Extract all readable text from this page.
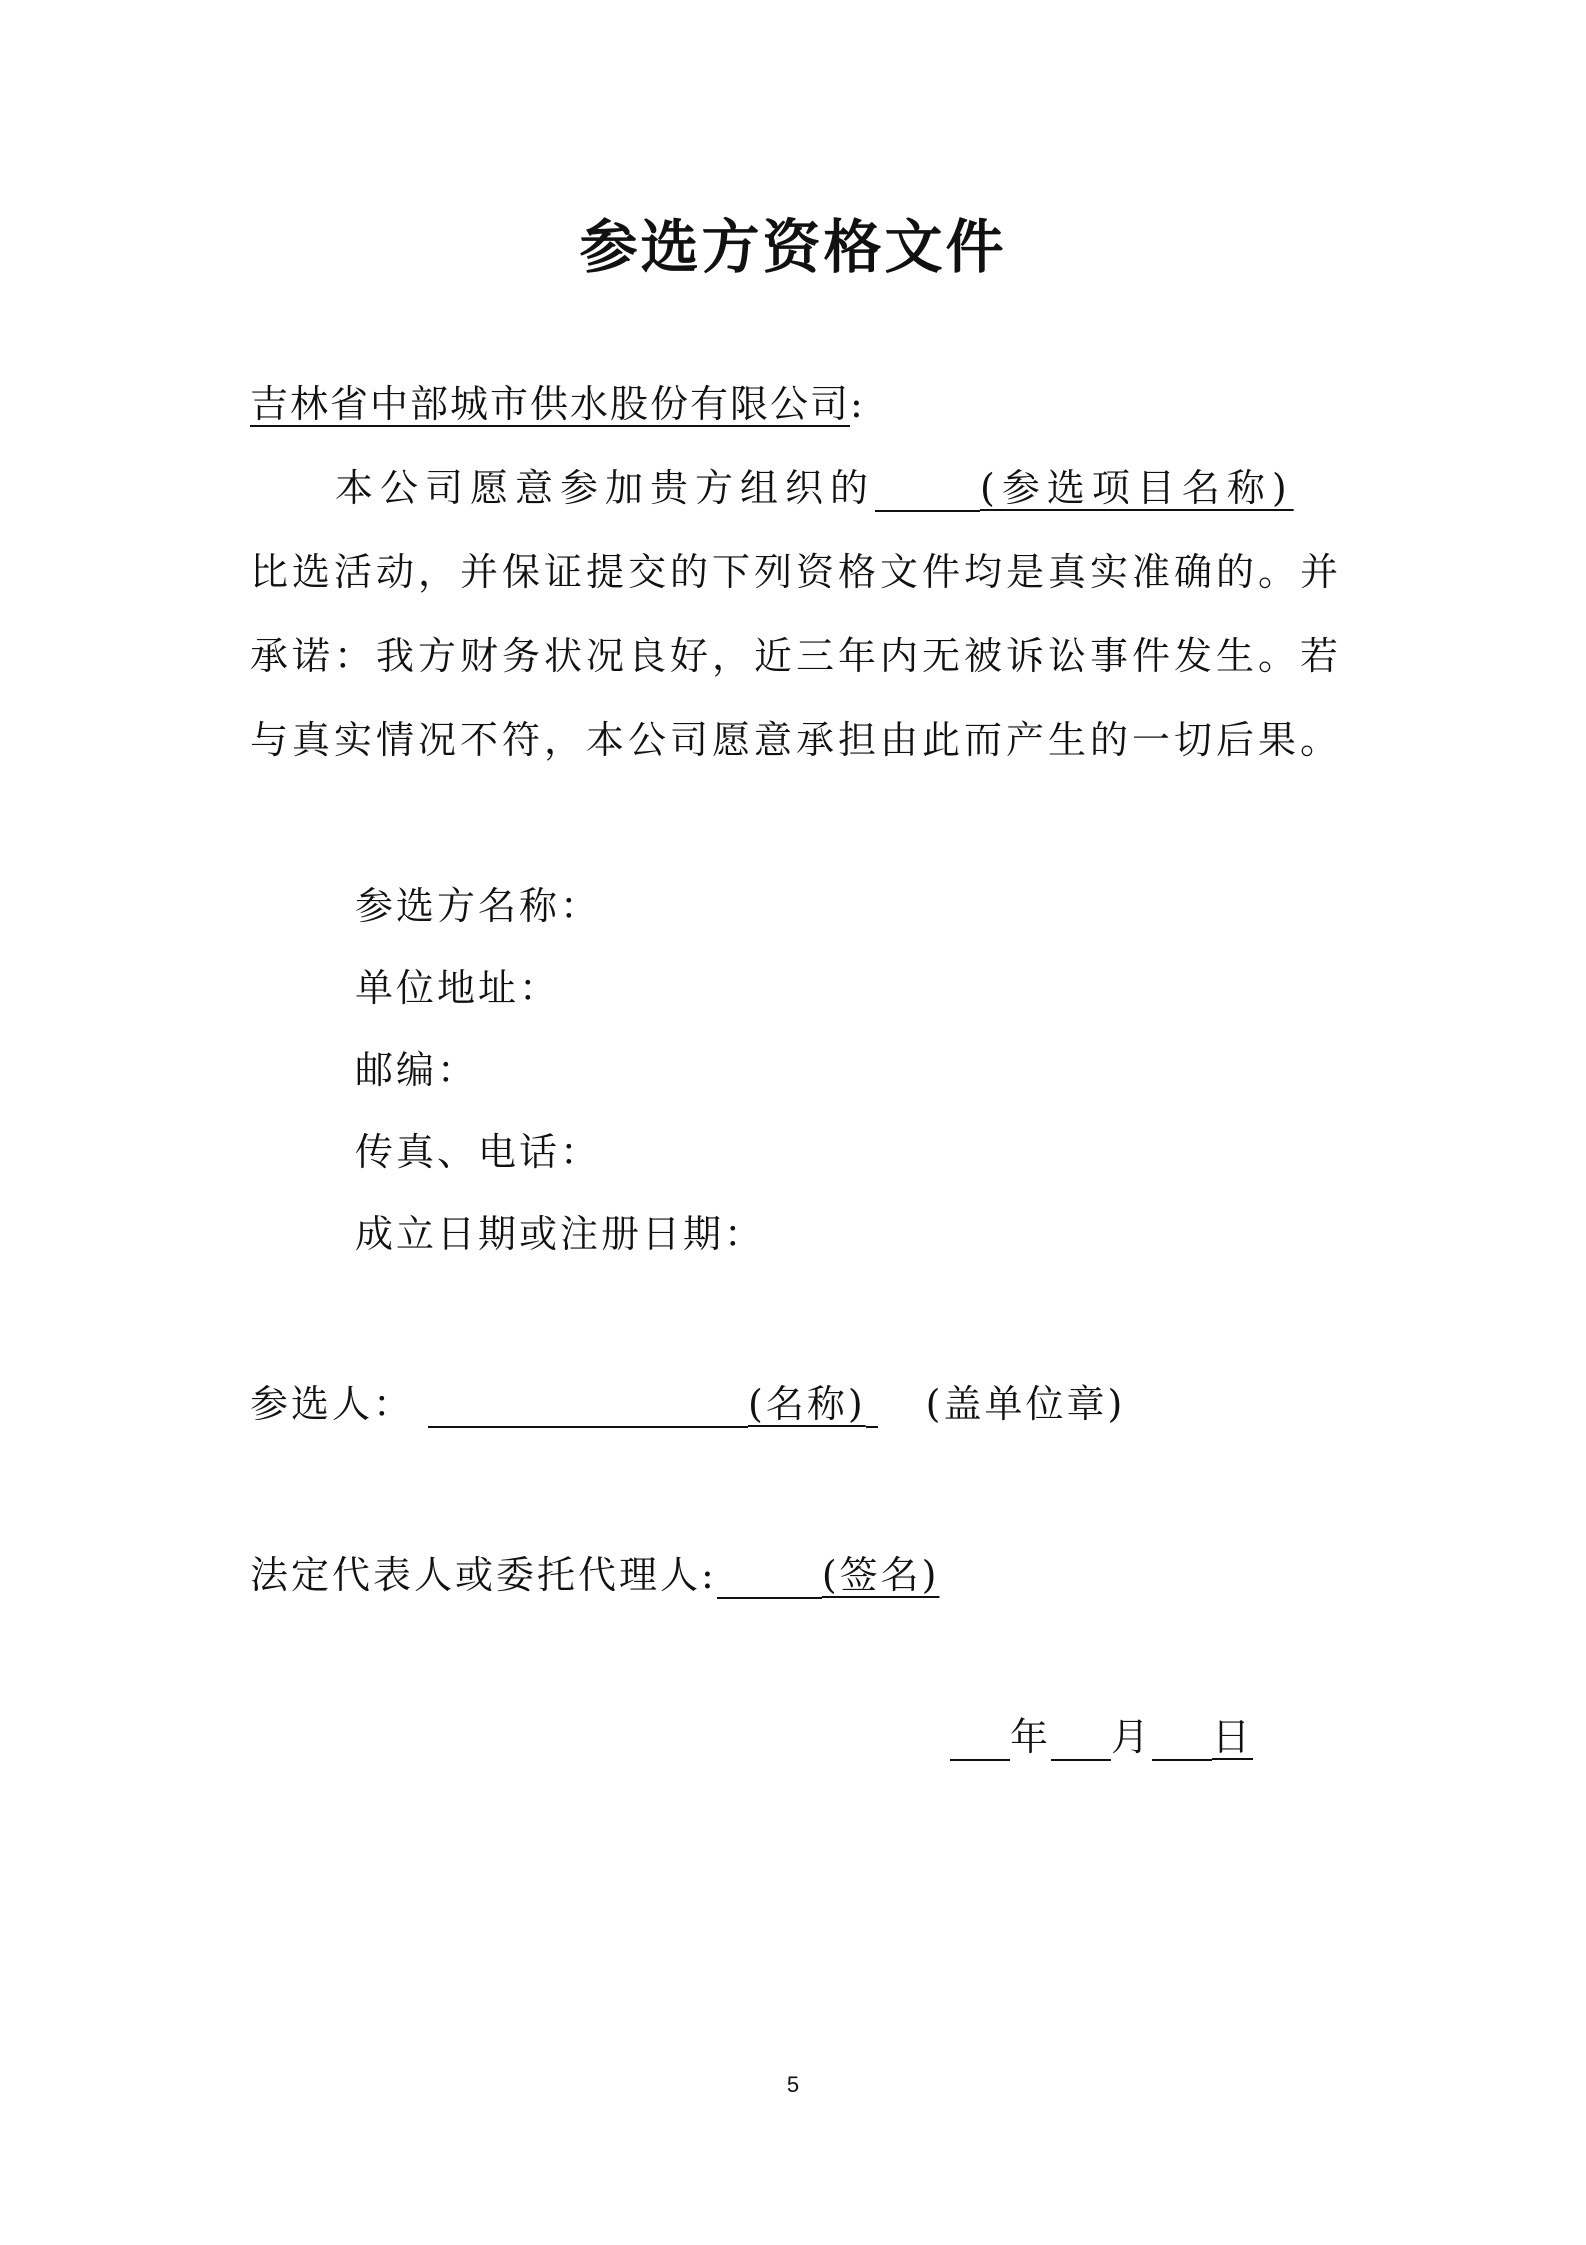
参选方资格文件
吉林省中部城市供水股份有限公司:
本公司愿意参加贵方组织的	(参选项目名称)
比选活动，并保证提交的下列资格文件均是真实准确的。并
承诺：我方财务状况良好，近三年内无被诉讼事件发生。若
与真实情况不符，本公司愿意承担由此而产生的一切后果。
参选方名称：
单位地址：
邮编：
传真、电话：
成立日期或注册日期：
参选人：	(名称) (盖单位章)
法定代表人或委托代理人:	(签名)
年 月 日
5
